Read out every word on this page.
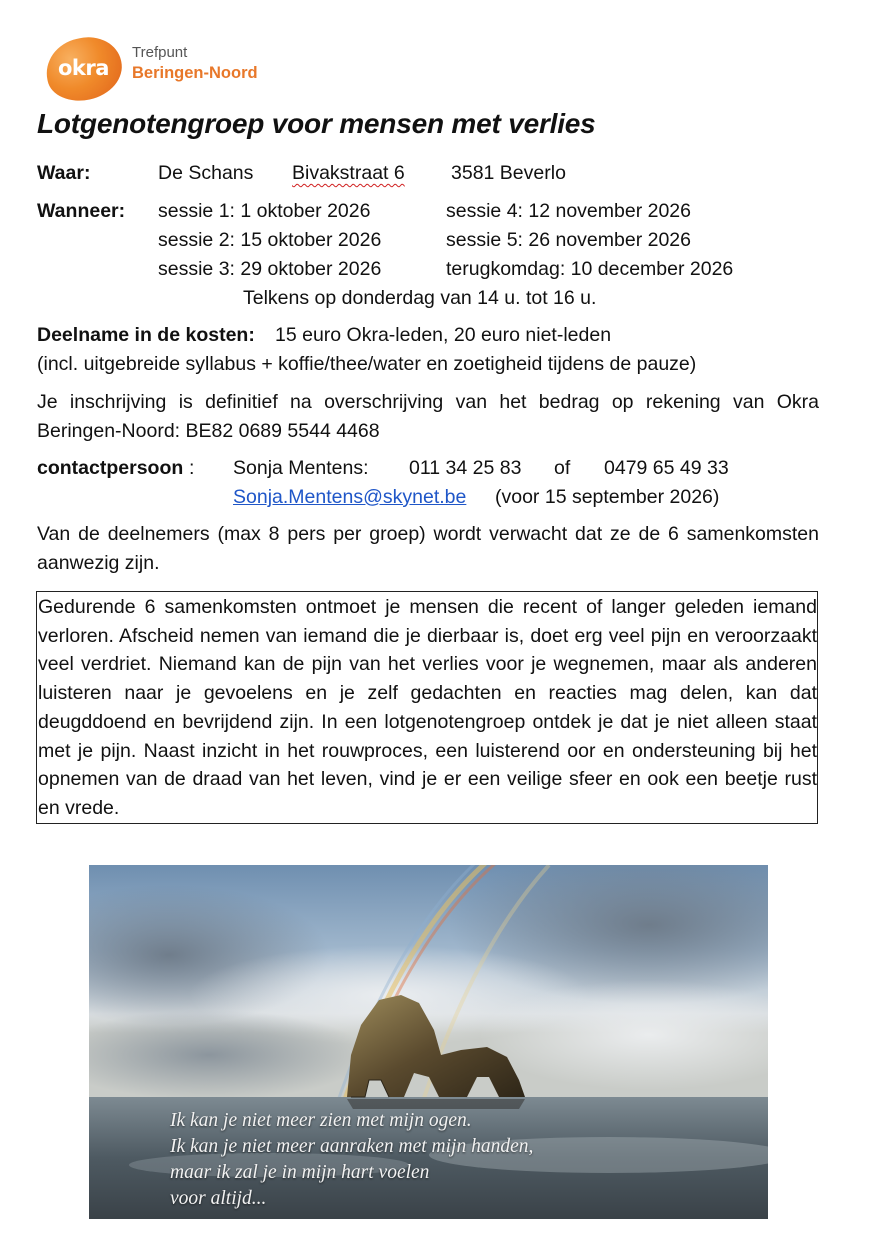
okra
Trefpunt
Beringen-Noord
Lotgenotengroep voor mensen met verlies
Waar:	De Schans Bivakstraat 6 3581 Beverlo
Wanneer: sessie 1: 1 oktober 2026
sessie 2: 15 oktober 2026
sessie 3: 29 oktober 2026
sessie 4: 12 november 2026
sessie 5: 26 november 2026
terugkomdag: 10 december 2026
Telkens op donderdag van 14 u. tot 16 u.
Deelname in de kosten: 15 euro Okra-leden, 20 euro niet-leden
(incl. uitgebreide syllabus + koffie/thee/water en zoetigheid tijdens de pauze)
Je inschrijving is definitief na overschrijving van het bedrag op rekening van Okra Beringen-Noord: BE82 0689 5544 4468
contactpersoon : Sonja Mentens: 011 34 25 83 of 0479 65 49 33
Sonja.Mentens@skynet.be (voor 15 september 2026)
Van de deelnemers (max 8 pers per groep) wordt verwacht dat ze de 6 samenkomsten aanwezig zijn.
Gedurende 6 samenkomsten ontmoet je mensen die recent of langer geleden iemand verloren. Afscheid nemen van iemand die je dierbaar is, doet erg veel pijn en veroorzaakt veel verdriet. Niemand kan de pijn van het verlies voor je wegnemen, maar als anderen luisteren naar je gevoelens en je zelf gedachten en reacties mag delen, kan dat deugddoend en bevrijdend zijn. In een lotgenotengroep ontdek je dat je niet alleen staat met je pijn. Naast inzicht in het rouwproces, een luisterend oor en ondersteuning bij het opnemen van de draad van het leven, vind je er een veilige sfeer en ook een beetje rust en vrede.
Ik kan je niet meer zien met mijn ogen.
Ik kan je niet meer aanraken met mijn handen,
maar ik zal je in mijn hart voelen
voor altijd...
